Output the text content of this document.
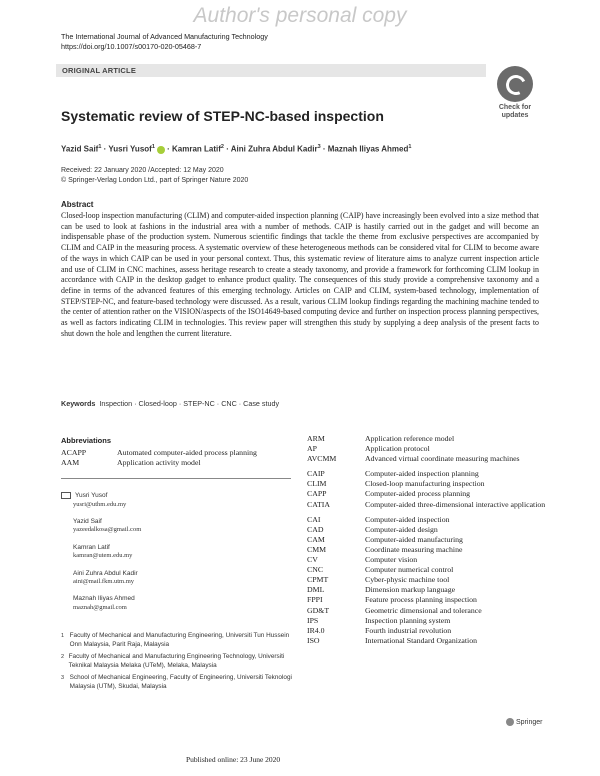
Author's personal copy
The International Journal of Advanced Manufacturing Technology
https://doi.org/10.1007/s00170-020-05468-7
ORIGINAL ARTICLE
Check for
updates
Systematic review of STEP-NC-based inspection
Yazid Saif$^1$ · Yusri Yusof$^1$ · Kamran Latif$^2$ · Aini Zuhra Abdul Kadir$^3$ · Maznah Iliyas Ahmed$^1$
Received: 22 January 2020 /Accepted: 12 May 2020
© Springer-Verlag London Ltd., part of Springer Nature 2020
Abstract
Closed-loop inspection manufacturing (CLIM) and computer-aided inspection planning (CAIP) have increasingly been evolved into a size method that can be used to look at fashions in the industrial area with a number of methods. CAIP is hastily carried out in the gadget and will become an indispensable phase of the production system. Numerous scientific findings that tackle the theme from exclusive perspectives are accompanied by CLIM and CAIP in the measuring process. A systematic overview of these heterogeneous methods can be considered vital for CLIM to become aware of the ways in which CAIP can be used in your personal context. Thus, this systematic review of literature aims to analyze current inspection article and use of CLIM in CNC machines, assess heritage research to create a steady taxonomy, and provide a framework for forthcoming CLIM lookup in accordance with CAIP in the desktop gadget to enhance product quality. The consequences of this study provide a comprehensive taxonomy and a define in terms of the advanced features of this emerging technology. Articles on CAIP and CLIM, system-based technology, implementation of STEP/STEP-NC, and feature-based technology were discussed. As a result, various CLIM lookup findings regarding the machining machine tended to the center of attention rather on the VISION/aspects of the ISO14649-based computing device and further on inspection process planning perspectives, as well as factors indicating CLIM in technologies. This review paper will strengthen this study by supplying a deep analysis of the present facts to shut down the hole and lengthen the current literature.
Keywords Inspection · Closed-loop · STEP-NC · CNC · Case study
Abbreviations
ACAPP	Automated computer-aided process planning
AAM	Application activity model
Yusri Yusof
yusri@uthm.edu.my
Yazid Saif
yazeedalkosa@gmail.com
Kamran Latif
kamran@utem.edu.my
Aini Zuhra Abdul Kadir
aini@mail.fkm.utm.my
Maznah Iliyas Ahmed
maznah@gmail.com
1 Faculty of Mechanical and Manufacturing Engineering, Universiti Tun Hussein Onn Malaysia, Parit Raja, Malaysia
2 Faculty of Mechanical and Manufacturing Engineering Technology, Universiti Teknikal Malaysia Melaka (UTeM), Melaka, Malaysia
3 School of Mechanical Engineering, Faculty of Engineering, Universiti Teknologi Malaysia (UTM), Skudai, Malaysia
ARM	Application reference model
AP	Application protocol
AVCMM	Advanced virtual coordinate measuring machines
CAIP	Computer-aided inspection planning
CLIM	Closed-loop manufacturing inspection
CAPP	Computer-aided process planning
CATIA	Computer-aided three-dimensional interactive application
CAI	Computer-aided inspection
CAD	Computer-aided design
CAM	Computer-aided manufacturing
CMM	Coordinate measuring machine
CV	Computer vision
CNC	Computer numerical control
CPMT	Cyber-physic machine tool
DML	Dimension markup language
FPPI	Feature process planning inspection
GD&T	Geometric dimensional and tolerance
IPS	Inspection planning system
IR4.0	Fourth industrial revolution
ISO	International Standard Organization
Springer
Published online: 23 June 2020
